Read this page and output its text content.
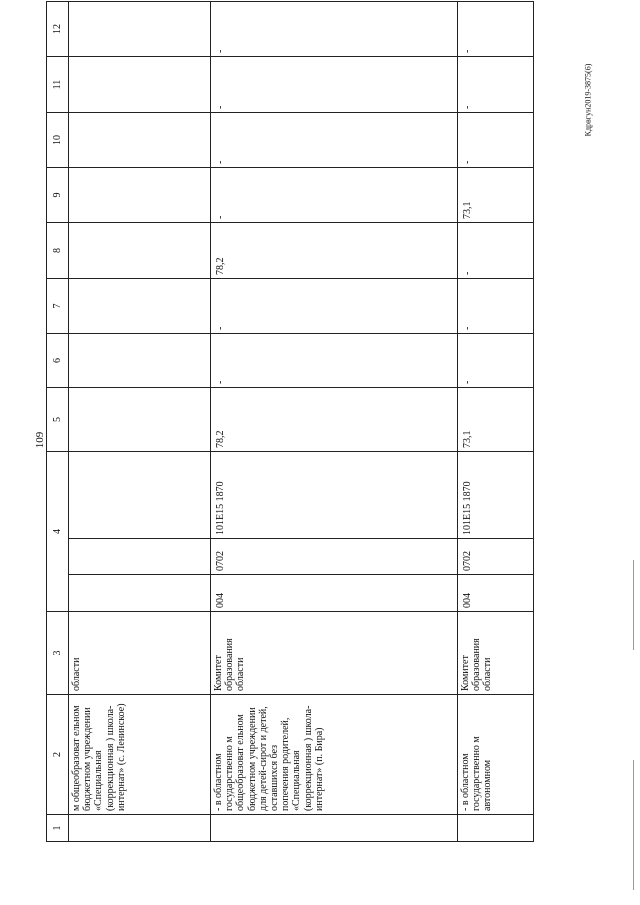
109
Кдрвгун2019-3875(6)
1	2	3	4			5	6	7	8	9	10	11	12
	м общеобразоват ельном бюджетном учреждении «Специальная (коррекционная ) школа-интернат» (с. Ленинское)	области											
	- в областном государственно м общеобразоват ельном бюджетном учреждении для детей-сирот и детей, оставшихся без попечения родителей, «Специальная (коррекционная ) школа-интернат» (п. Бира)	Комитет образования области	004	0702	101E15 1870	78,2	-	-	78,2	-	-	-	-
	- в областном государственно м автономном	Комитет образования области	004	0702	101E15 1870	73,1	-	-	-	73,1	-	-	-
